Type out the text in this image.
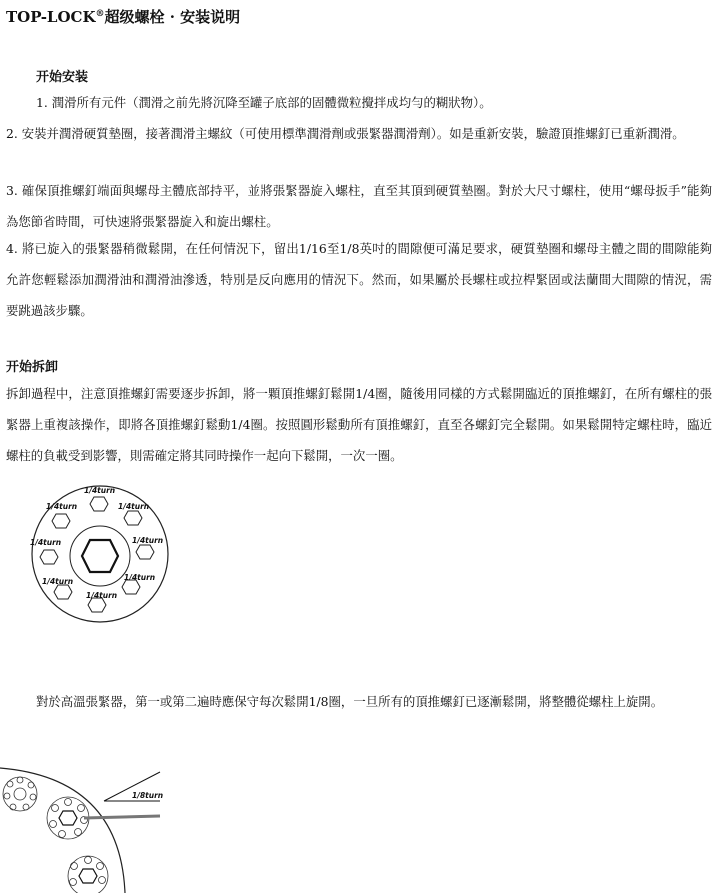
TOP-LOCK®超级螺栓 · 安装说明
开始安装
1. 潤滑所有元件（潤滑之前先將沉降至罐子底部的固體微粒攪拌成均勻的糊狀物）。
2. 安裝并潤滑硬質墊圈，接著潤滑主螺紋（可使用標準潤滑劑或張緊器潤滑劑）。如是重新安裝，驗證頂推螺釘已重新潤滑。
3. 確保頂推螺釘端面與螺母主體底部持平，並將張緊器旋入螺柱，直至其頂到硬質墊圈。對於大尺寸螺柱，使用“螺母扳手”能夠為您節省時間，可快速將張緊器旋入和旋出螺柱。
4. 將已旋入的張緊器稍微鬆開，在任何情況下，留出1/16至1/8英吋的間隙便可滿足要求，硬質墊圈和螺母主體之間的間隙能夠允許您輕鬆添加潤滑油和潤滑油滲透，特別是反向應用的情況下。然而，如果屬於長螺柱或拉桿緊固或法蘭間大間隙的情況，需要跳過該步驟。
开始拆卸
拆卸過程中，注意頂推螺釘需要逐步拆卸，將一顆頂推螺釘鬆開1/4圈，隨後用同樣的方式鬆開臨近的頂推螺釘，在所有螺柱的張緊器上重複該操作，即將各頂推螺釘鬆動1/4圈。按照圓形鬆動所有頂推螺釘，直至各螺釘完全鬆開。如果鬆開特定螺柱時，臨近螺柱的負載受到影響，則需確定將其同時操作一起向下鬆開，一次一圈。
1/4turn
1/4turn
1/4turn
1/4turn	1/4turn
1/4turn	1/4turn
1/4turn
對於高溫張緊器，第一或第二遍時應保守每次鬆開1/8圈，一旦所有的頂推螺釘已逐漸鬆開，將整體從螺柱上旋開。
1/8turn
